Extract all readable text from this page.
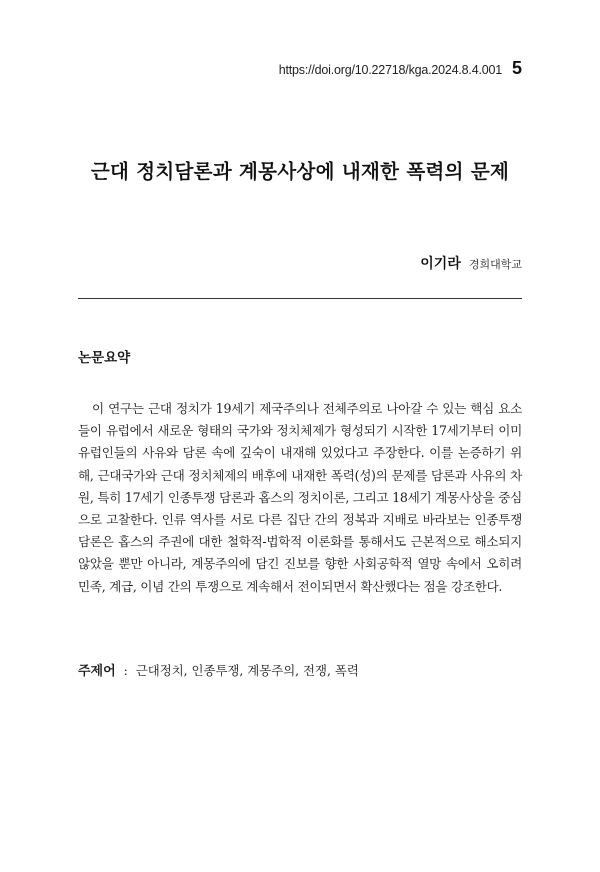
https://doi.org/10.22718/kga.2024.8.4.001 5
근대 정치담론과 계몽사상에 내재한 폭력의 문제
이기라 경희대학교
논문요약

이 연구는 근대 정치가 19세기 제국주의나 전체주의로 나아갈 수 있는 핵심 요소들이 유럽에서 새로운 형태의 국가와 정치체제가 형성되기 시작한 17세기부터 이미 유럽인들의 사유와 담론 속에 깊숙이 내재해 있었다고 주장한다. 이를 논증하기 위해, 근대국가와 근대 정치체제의 배후에 내재한 폭력(성)의 문제를 담론과 사유의 차원, 특히 17세기 인종투쟁 담론과 홉스의 정치이론, 그리고 18세기 계몽사상을 중심으로 고찰한다. 인류 역사를 서로 다른 집단 간의 정복과 지배로 바라보는 인종투쟁 담론은 홉스의 주권에 대한 철학적-법학적 이론화를 통해서도 근본적으로 해소되지 않았을 뿐만 아니라, 계몽주의에 담긴 진보를 향한 사회공학적 열망 속에서 오히려 민족, 계급, 이념 간의 투쟁으로 계속해서 전이되면서 확산했다는 점을 강조한다.

주제어 : 근대정치, 인종투쟁, 계몽주의, 전쟁, 폭력
